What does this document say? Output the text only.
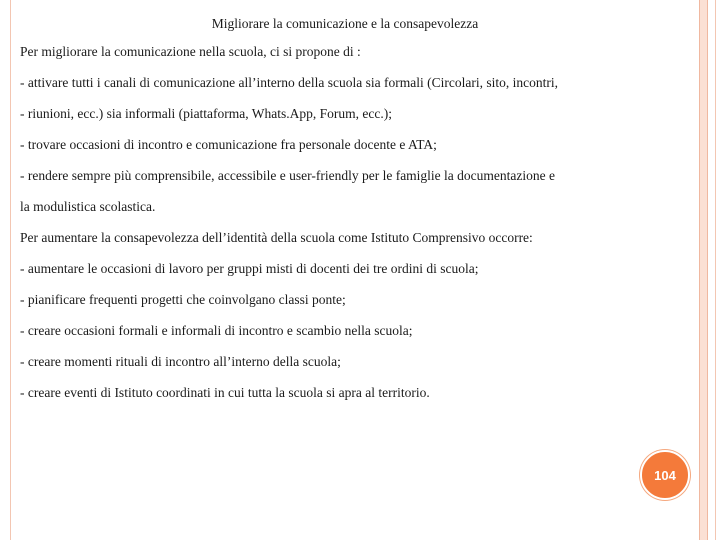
Migliorare la comunicazione e la consapevolezza
Per migliorare la comunicazione nella scuola, ci si propone di :
- attivare tutti i canali di comunicazione all’interno della scuola sia formali (Circolari, sito, incontri,
- riunioni, ecc.) sia informali (piattaforma, Whats.App, Forum, ecc.);
- trovare occasioni di incontro e comunicazione fra personale docente e ATA;
- rendere sempre più comprensibile, accessibile e user-friendly per le famiglie la documentazione e
la modulistica scolastica.
Per aumentare la consapevolezza dell’identità della scuola come Istituto Comprensivo occorre:
- aumentare le occasioni di lavoro per gruppi misti di docenti dei tre ordini di scuola;
- pianificare frequenti progetti che coinvolgano classi ponte;
- creare occasioni formali e informali di incontro e scambio nella scuola;
- creare momenti rituali di incontro all’interno della scuola;
- creare eventi di Istituto coordinati in cui tutta la scuola si apra al territorio.
104
